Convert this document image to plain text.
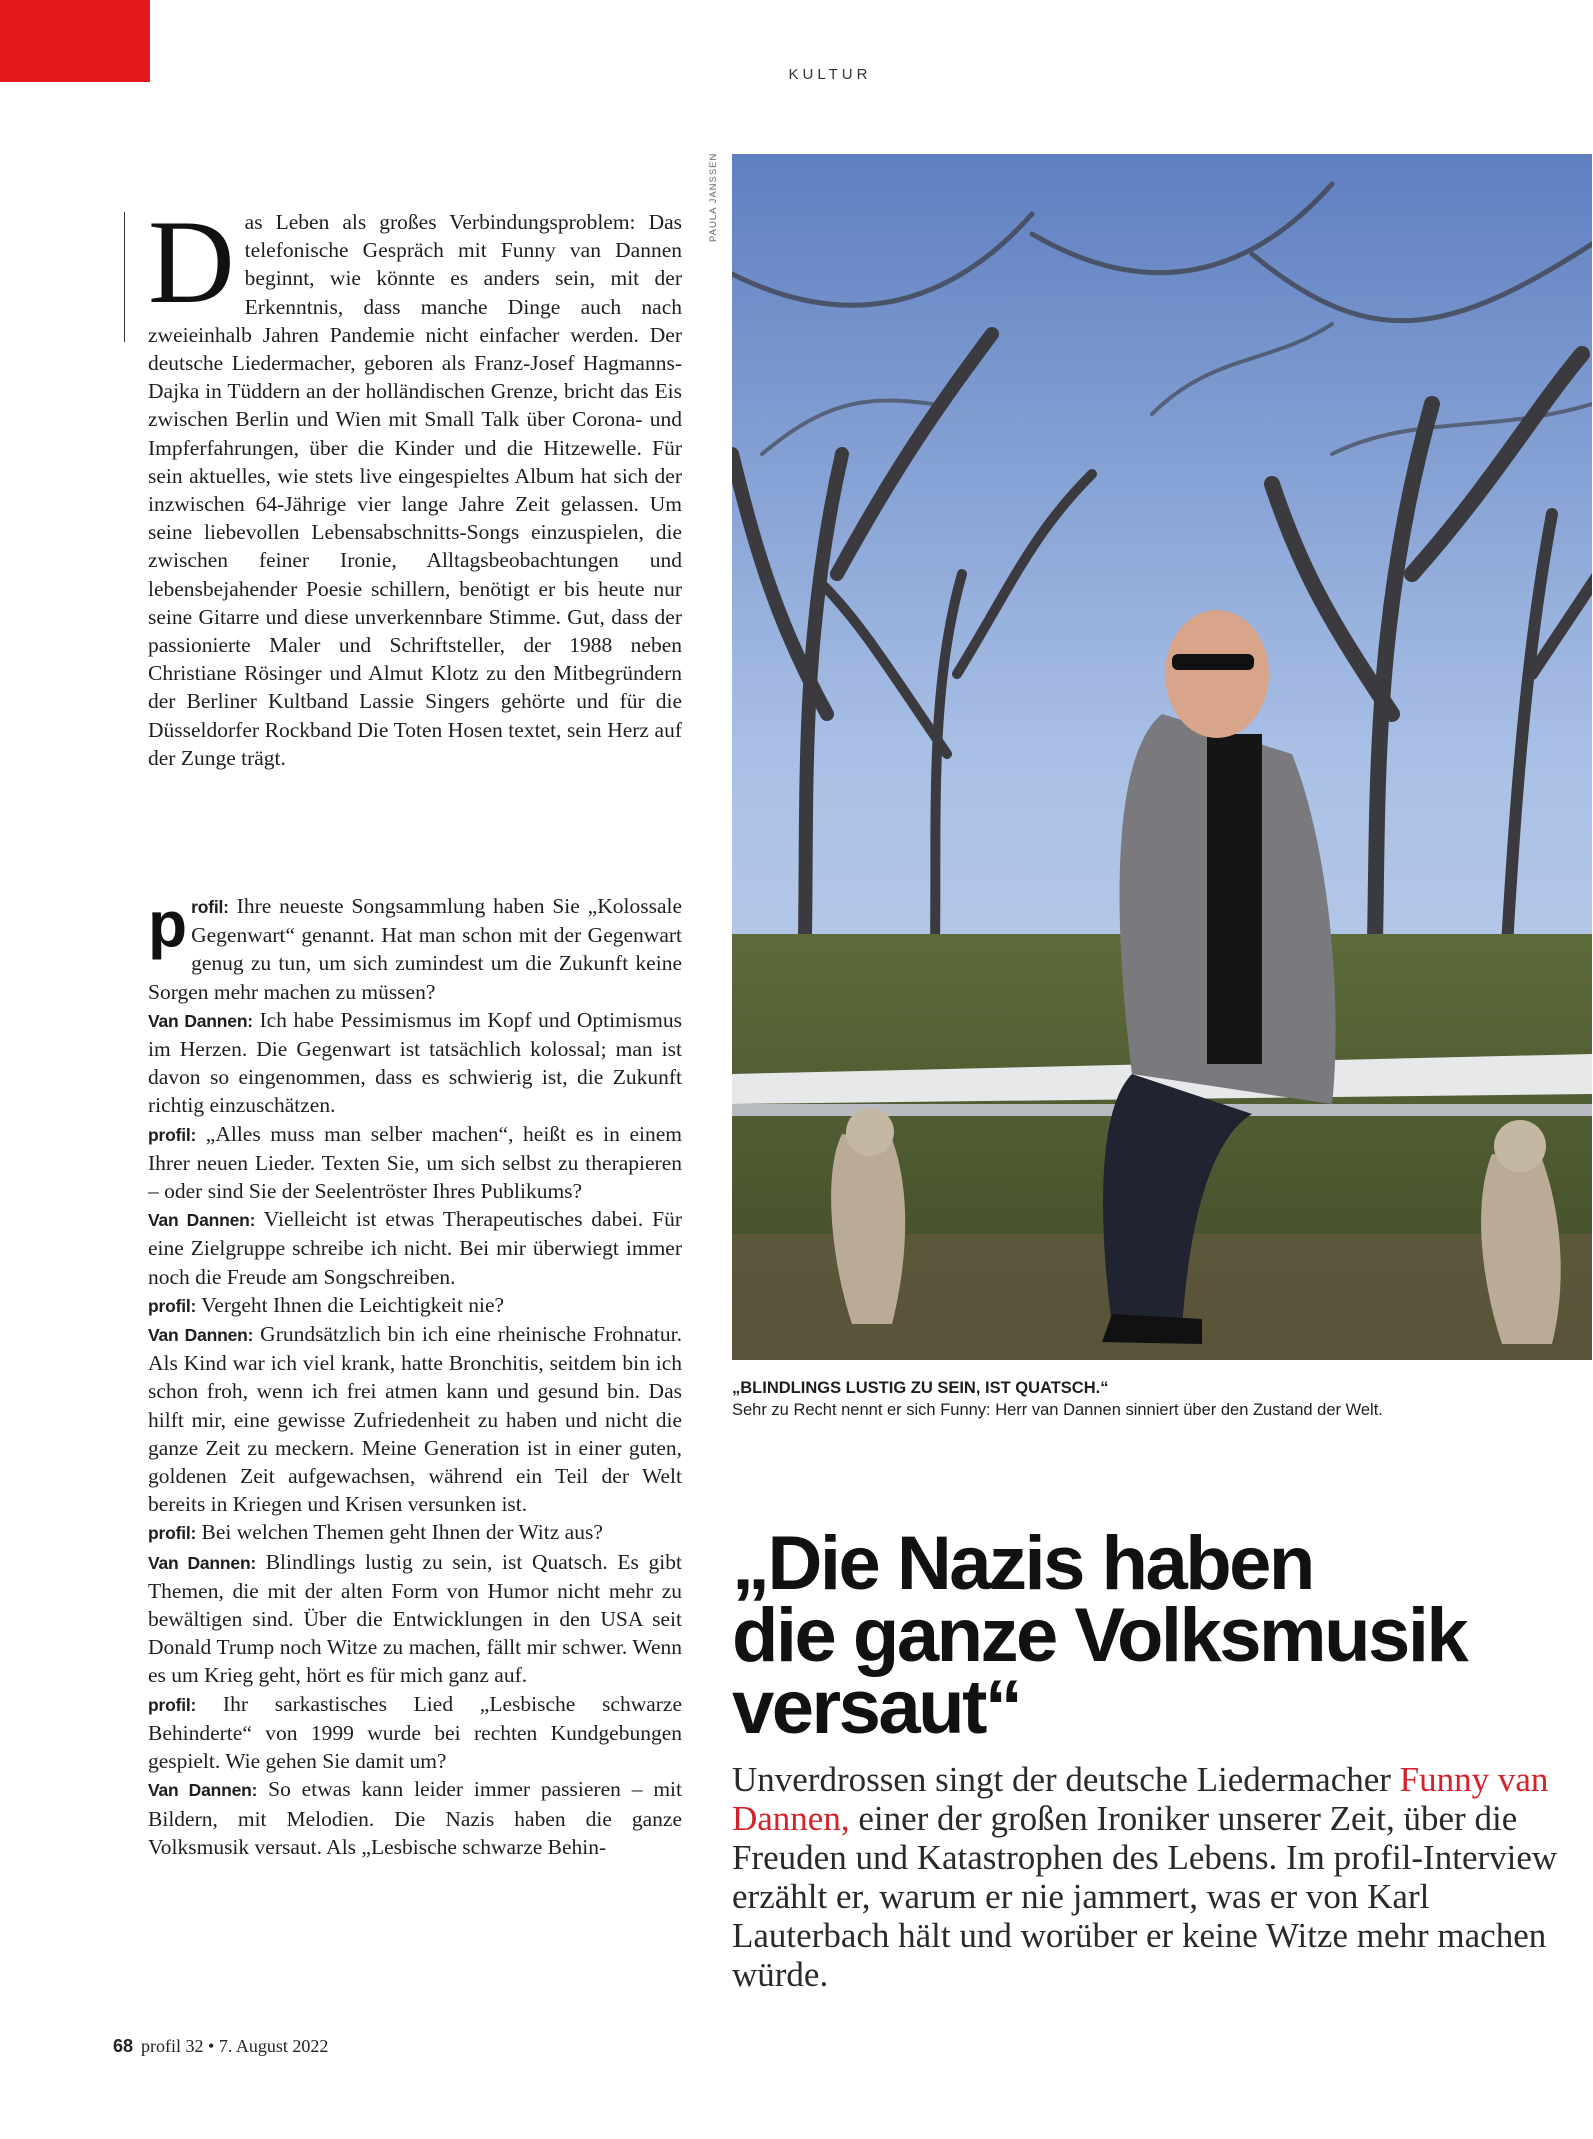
KULTUR
PAULA JANSSEN
Das Leben als großes Verbindungsproblem: Das telefonische Gespräch mit Funny van Dannen beginnt, wie könnte es anders sein, mit der Erkenntnis, dass manche Dinge auch nach zweieinhalb Jahren Pandemie nicht einfacher werden. Der deutsche Liedermacher, geboren als Franz-Josef Hagmanns-Dajka in Tüddern an der holländischen Grenze, bricht das Eis zwischen Berlin und Wien mit Small Talk über Corona- und Impferfahrungen, über die Kinder und die Hitzewelle. Für sein aktuelles, wie stets live eingespieltes Album hat sich der inzwischen 64-Jährige vier lange Jahre Zeit gelassen. Um seine liebevollen Lebensabschnitts-Songs einzuspielen, die zwischen feiner Ironie, Alltagsbeobachtungen und lebensbejahender Poesie schillern, benötigt er bis heute nur seine Gitarre und diese unverkennbare Stimme. Gut, dass der passionierte Maler und Schriftsteller, der 1988 neben Christiane Rösinger und Almut Klotz zu den Mitbegründern der Berliner Kultband Lassie Singers gehörte und für die Düsseldorfer Rockband Die Toten Hosen textet, sein Herz auf der Zunge trägt.

profil: Ihre neueste Songsammlung haben Sie „Kolossale Gegenwart“ genannt. Hat man schon mit der Gegenwart genug zu tun, um sich zumindest um die Zukunft keine Sorgen mehr machen zu müssen?

Van Dannen: Ich habe Pessimismus im Kopf und Optimismus im Herzen. Die Gegenwart ist tatsächlich kolossal; man ist davon so eingenommen, dass es schwierig ist, die Zukunft richtig einzuschätzen.

profil: „Alles muss man selber machen“, heißt es in einem Ihrer neuen Lieder. Texten Sie, um sich selbst zu therapieren – oder sind Sie der Seelentröster Ihres Publikums?

Van Dannen: Vielleicht ist etwas Therapeutisches dabei. Für eine Zielgruppe schreibe ich nicht. Bei mir überwiegt immer noch die Freude am Songschreiben.

profil: Vergeht Ihnen die Leichtigkeit nie?

Van Dannen: Grundsätzlich bin ich eine rheinische Frohnatur. Als Kind war ich viel krank, hatte Bronchitis, seitdem bin ich schon froh, wenn ich frei atmen kann und gesund bin. Das hilft mir, eine gewisse Zufriedenheit zu haben und nicht die ganze Zeit zu meckern. Meine Generation ist in einer guten, goldenen Zeit aufgewachsen, während ein Teil der Welt bereits in Kriegen und Krisen versunken ist.

profil: Bei welchen Themen geht Ihnen der Witz aus?

Van Dannen: Blindlings lustig zu sein, ist Quatsch. Es gibt Themen, die mit der alten Form von Humor nicht mehr zu bewältigen sind. Über die Entwicklungen in den USA seit Donald Trump noch Witze zu machen, fällt mir schwer. Wenn es um Krieg geht, hört es für mich ganz auf.

profil: Ihr sarkastisches Lied „Lesbische schwarze Behinderte“ von 1999 wurde bei rechten Kundgebungen gespielt. Wie gehen Sie damit um?

Van Dannen: So etwas kann leider immer passieren – mit Bildern, mit Melodien. Die Nazis haben die ganze Volksmusik versaut. Als „Lesbische schwarze Behin-

„BLINDLINGS LUSTIG ZU SEIN, IST QUATSCH.“
Sehr zu Recht nennt er sich Funny: Herr van Dannen sinniert über den Zustand der Welt.
„Die Nazis haben
die ganze Volksmusik
versaut“
Unverdrossen singt der deutsche Liedermacher Funny van Dannen, einer der großen Ironiker unserer Zeit, über die Freuden und Katastrophen des Lebens. Im profil-Interview erzählt er, warum er nie jammert, was er von Karl Lauterbach hält und worüber er keine Witze mehr machen würde.
68 profil 32 • 7. August 2022
